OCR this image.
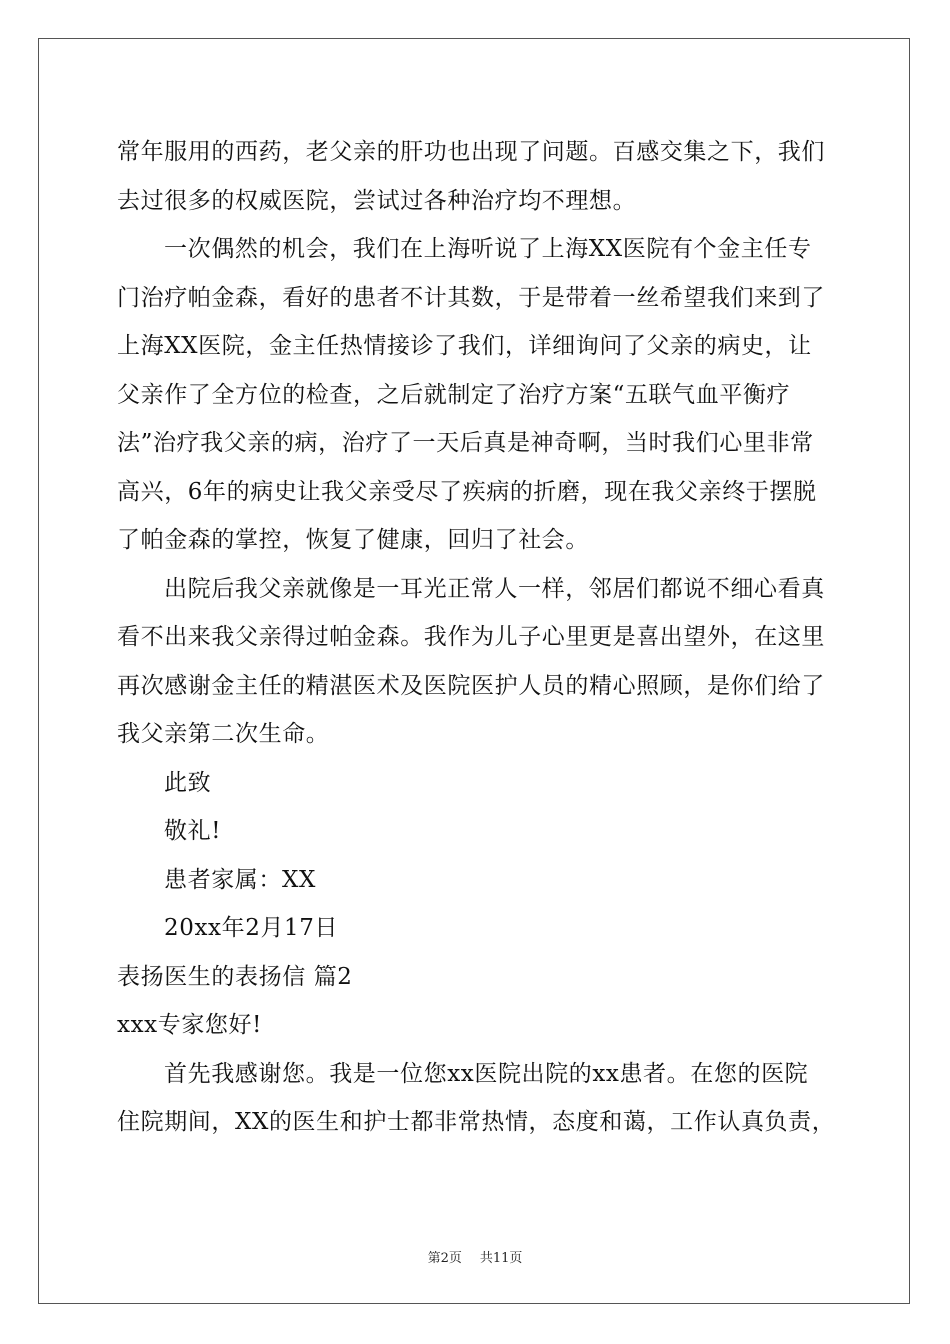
常年服用的西药，老父亲的肝功也出现了问题。百感交集之下，我们
去过很多的权威医院，尝试过各种治疗均不理想。
一次偶然的机会，我们在上海听说了上海XX医院有个金主任专
门治疗帕金森，看好的患者不计其数，于是带着一丝希望我们来到了
上海XX医院，金主任热情接诊了我们，详细询问了父亲的病史，让
父亲作了全方位的检查，之后就制定了治疗方案“五联气血平衡疗
法”治疗我父亲的病，治疗了一天后真是神奇啊，当时我们心里非常
高兴，6年的病史让我父亲受尽了疾病的折磨，现在我父亲终于摆脱
了帕金森的掌控，恢复了健康，回归了社会。
出院后我父亲就像是一耳光正常人一样，邻居们都说不细心看真
看不出来我父亲得过帕金森。我作为儿子心里更是喜出望外，在这里
再次感谢金主任的精湛医术及医院医护人员的精心照顾，是你们给了
我父亲第二次生命。
此致
敬礼!
患者家属：XX
20xx年2月17日
表扬医生的表扬信 篇2
xxx专家您好!
首先我感谢您。我是一位您xx医院出院的xx患者。在您的医院
住院期间，XX的医生和护士都非常热情，态度和蔼，工作认真负责，
第2页 共11页
